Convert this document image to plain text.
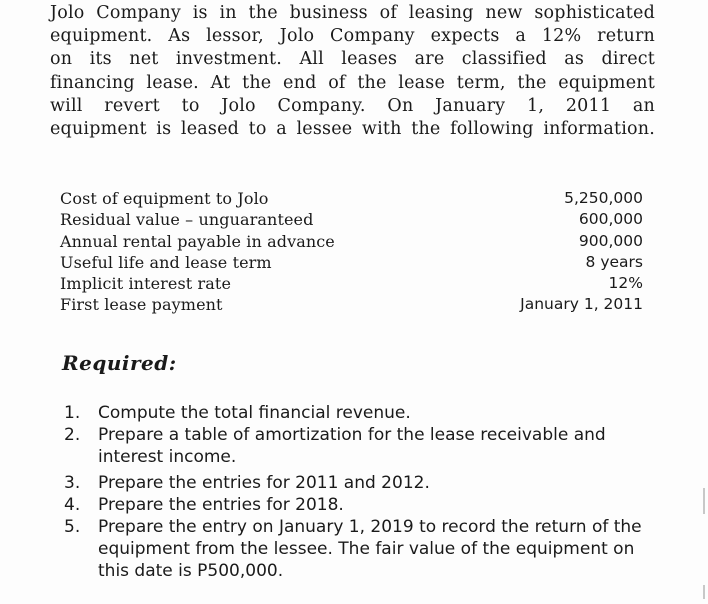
Jolo Company is in the business of leasing new sophisticated
equipment. As lessor, Jolo Company expects a 12% return
on its net investment. All leases are classified as direct
financing lease. At the end of the lease term, the equipment
will revert to Jolo Company. On January 1, 2011 an
equipment is leased to a lessee with the following information.
Cost of equipment to Jolo	5,250,000
Residual value – unguaranteed	600,000
Annual rental payable in advance	900,000
Useful life and lease term	8 years
Implicit interest rate	12%
First lease payment	January 1, 2011
Required:
1.	Compute the total financial revenue.
2.	Prepare a table of amortization for the lease receivable and interest income.
3.	Prepare the entries for 2011 and 2012.
4.	Prepare the entries for 2018.
5.	Prepare the entry on January 1, 2019 to record the return of the equipment from the lessee. The fair value of the equipment on this date is P500,000.
